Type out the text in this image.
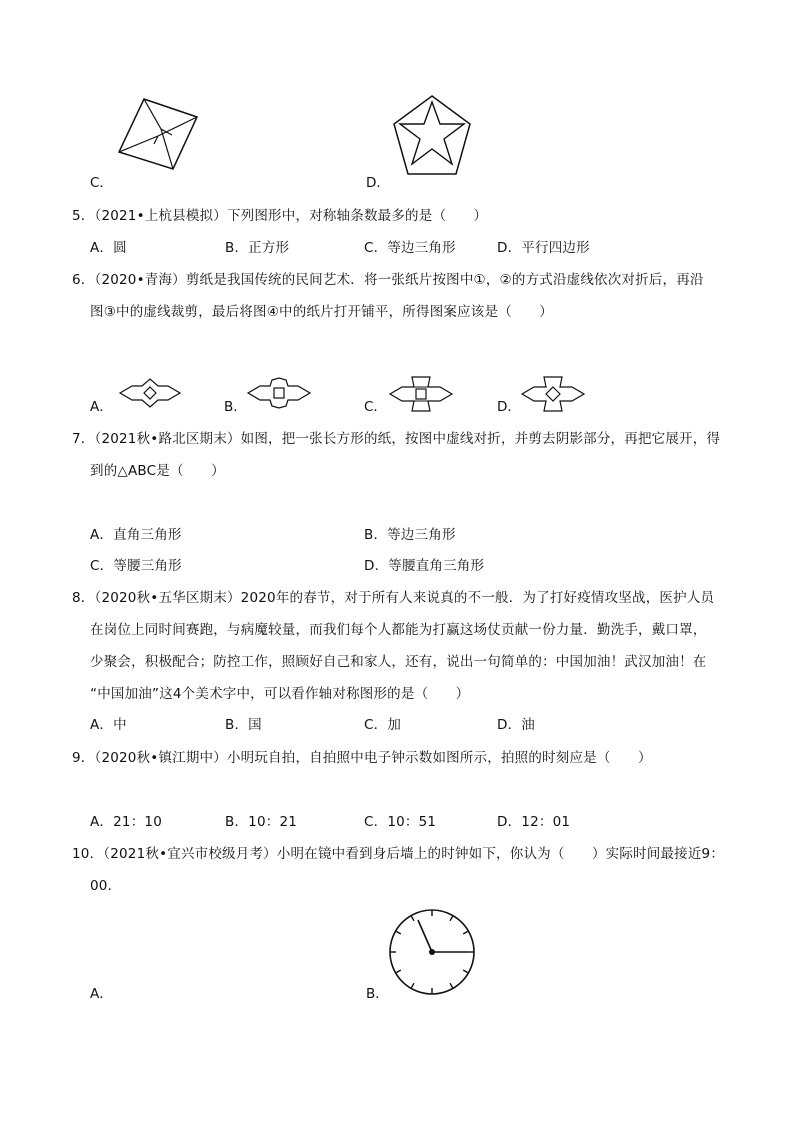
C．	D．
5．（2021•上杭县模拟）下列图形中，对称轴条数最多的是（　　）
A．圆	B．正方形	C．等边三角形	D．平行四边形
6．（2020•青海）剪纸是我国传统的民间艺术．将一张纸片按图中①，②的方式沿虚线依次对折后，再沿
图③中的虚线裁剪，最后将图④中的纸片打开铺平，所得图案应该是（　　）
A．	B．	C．	D．
7．（2021秋•路北区期末）如图，把一张长方形的纸，按图中虚线对折，并剪去阴影部分，再把它展开，得
到的△ABC是（　　）
A．直角三角形	B．等边三角形
C．等腰三角形	D．等腰直角三角形
8．（2020秋•五华区期末）2020年的春节，对于所有人来说真的不一般．为了打好疫情攻坚战，医护人员
在岗位上同时间赛跑，与病魔较量，而我们每个人都能为打赢这场仗贡献一份力量．勤洗手，戴口罩，
少聚会，积极配合；防控工作，照顾好自己和家人，还有，说出一句简单的：中国加油！武汉加油！在
“中国加油”这4个美术字中，可以看作轴对称图形的是（　　）
A．中	B．国	C．加	D．油
9．（2020秋•镇江期中）小明玩自拍，自拍照中电子钟示数如图所示，拍照的时刻应是（　　）
A．21：10	B．10：21	C．10：51	D．12：01
10．（2021秋•宜兴市校级月考）小明在镜中看到身后墙上的时钟如下，你认为（　　）实际时间最接近9：
00．
A．	B．
